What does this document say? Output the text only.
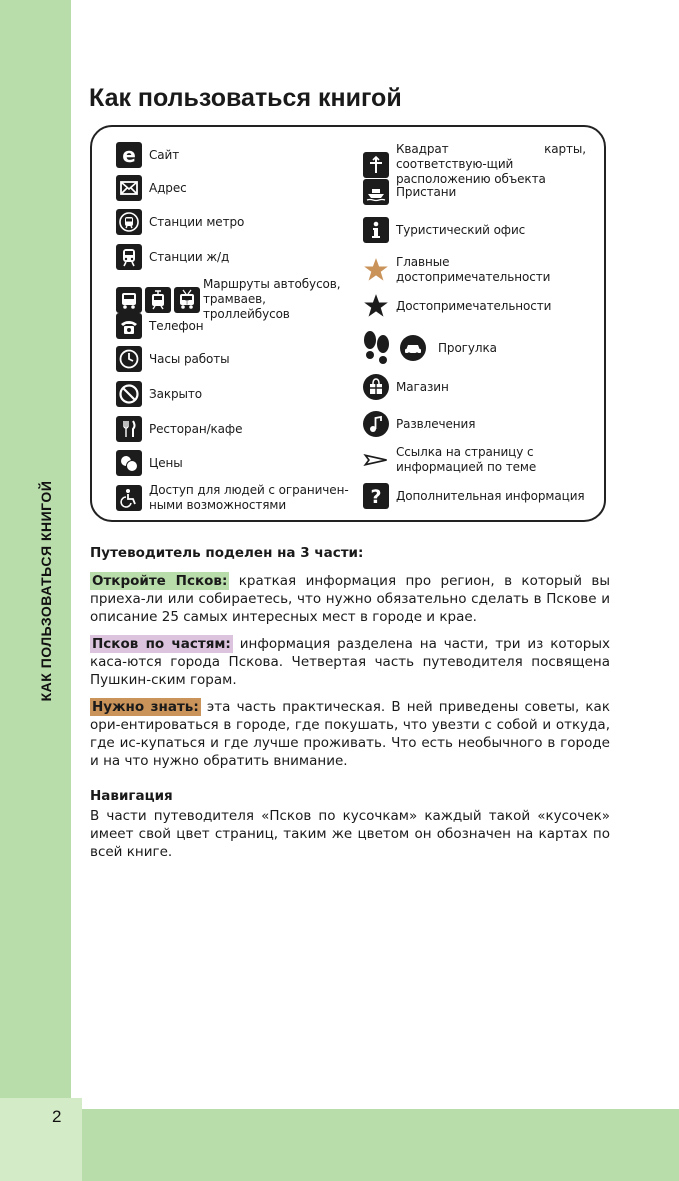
КАК ПОЛЬЗОВАТЬСЯ КНИГОЙ
2
Как пользоваться книгой
e Сайт
Адрес
Станции метро
Станции ж/д
T
Маршруты автобусов, трамваев, троллейбусов
Телефон
Часы работы
Закрыто
Ресторан/кафе
Цены
Доступ для людей с ограничен-ными возможностями
Квадрат карты, соответствую-щий расположению объекта
Пристани
Туристический офис
Главные достопримечательности
Достопримечательности
Прогулка
Магазин
Развлечения
Ссылка на страницу с информацией по теме
? Дополнительная информация
Путеводитель поделен на 3 части:

Откройте Псков: краткая информация про регион, в который вы приеха-ли или собираетесь, что нужно обязательно сделать в Пскове и описание 25 самых интересных мест в городе и крае.

Псков по частям: информация разделена на части, три из которых каса-ются города Пскова. Четвертая часть путеводителя посвящена Пушкин-ским горам.

Нужно знать: эта часть практическая. В ней приведены советы, как ори-ентироваться в городе, где покушать, что увезти с собой и откуда, где ис-купаться и где лучше проживать. Что есть необычного в городе и на что нужно обратить внимание.

Навигация

В части путеводителя «Псков по кусочкам» каждый такой «кусочек» имеет свой цвет страниц, таким же цветом он обозначен на картах по всей книге.
